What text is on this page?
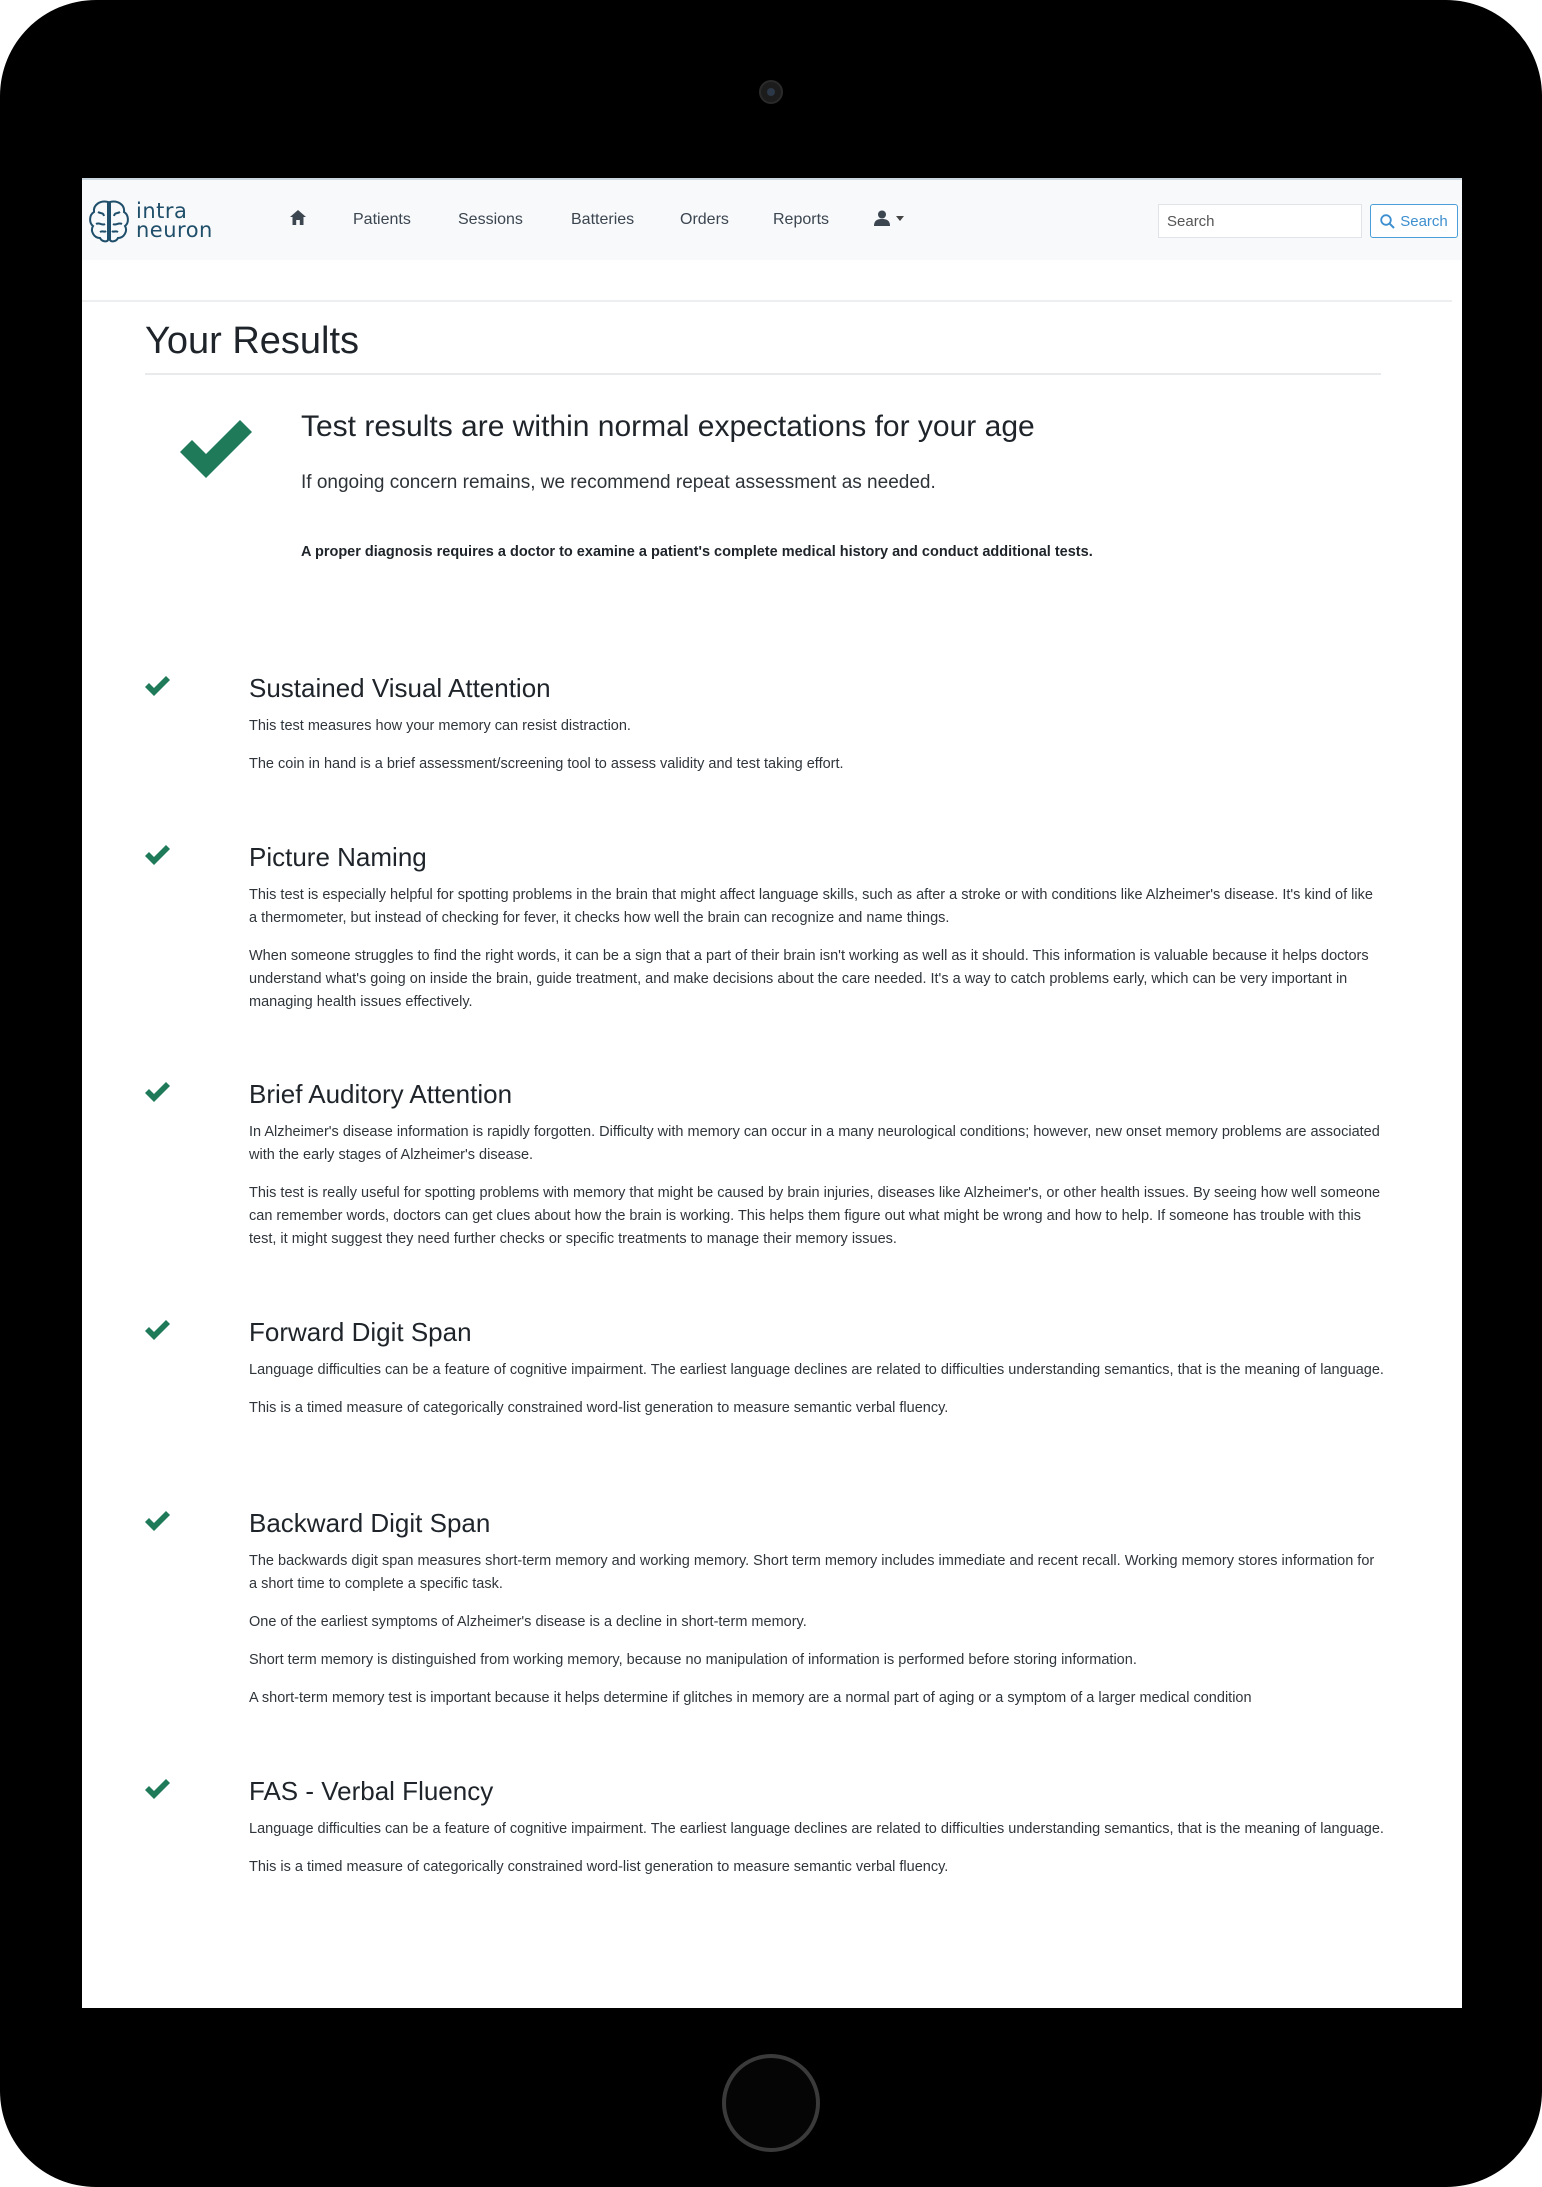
intra
neuron	Patients	Sessions	Batteries	Orders	Reports
Search	Search
Your Results
Test results are within normal expectations for your age

If ongoing concern remains, we recommend repeat assessment as needed.

A proper diagnosis requires a doctor to examine a patient's complete medical history and conduct additional tests.

Sustained Visual Attention

This test measures how your memory can resist distraction.

The coin in hand is a brief assessment/screening tool to assess validity and test taking effort.

Picture Naming

This test is especially helpful for spotting problems in the brain that might affect language skills, such as after a stroke or with conditions like Alzheimer's disease. It's kind of like a thermometer, but instead of checking for fever, it checks how well the brain can recognize and name things.

When someone struggles to find the right words, it can be a sign that a part of their brain isn't working as well as it should. This information is valuable because it helps doctors understand what's going on inside the brain, guide treatment, and make decisions about the care needed. It's a way to catch problems early, which can be very important in managing health issues effectively.

Brief Auditory Attention

In Alzheimer's disease information is rapidly forgotten. Difficulty with memory can occur in a many neurological conditions; however, new onset memory problems are associated with the early stages of Alzheimer's disease.

This test is really useful for spotting problems with memory that might be caused by brain injuries, diseases like Alzheimer's, or other health issues. By seeing how well someone can remember words, doctors can get clues about how the brain is working. This helps them figure out what might be wrong and how to help. If someone has trouble with this test, it might suggest they need further checks or specific treatments to manage their memory issues.

Forward Digit Span

Language difficulties can be a feature of cognitive impairment. The earliest language declines are related to difficulties understanding semantics, that is the meaning of language.

This is a timed measure of categorically constrained word-list generation to measure semantic verbal fluency.

Backward Digit Span

The backwards digit span measures short-term memory and working memory. Short term memory includes immediate and recent recall. Working memory stores information for a short time to complete a specific task.

One of the earliest symptoms of Alzheimer's disease is a decline in short-term memory.

Short term memory is distinguished from working memory, because no manipulation of information is performed before storing information.

A short-term memory test is important because it helps determine if glitches in memory are a normal part of aging or a symptom of a larger medical condition

FAS - Verbal Fluency

Language difficulties can be a feature of cognitive impairment. The earliest language declines are related to difficulties understanding semantics, that is the meaning of language.

This is a timed measure of categorically constrained word-list generation to measure semantic verbal fluency.
